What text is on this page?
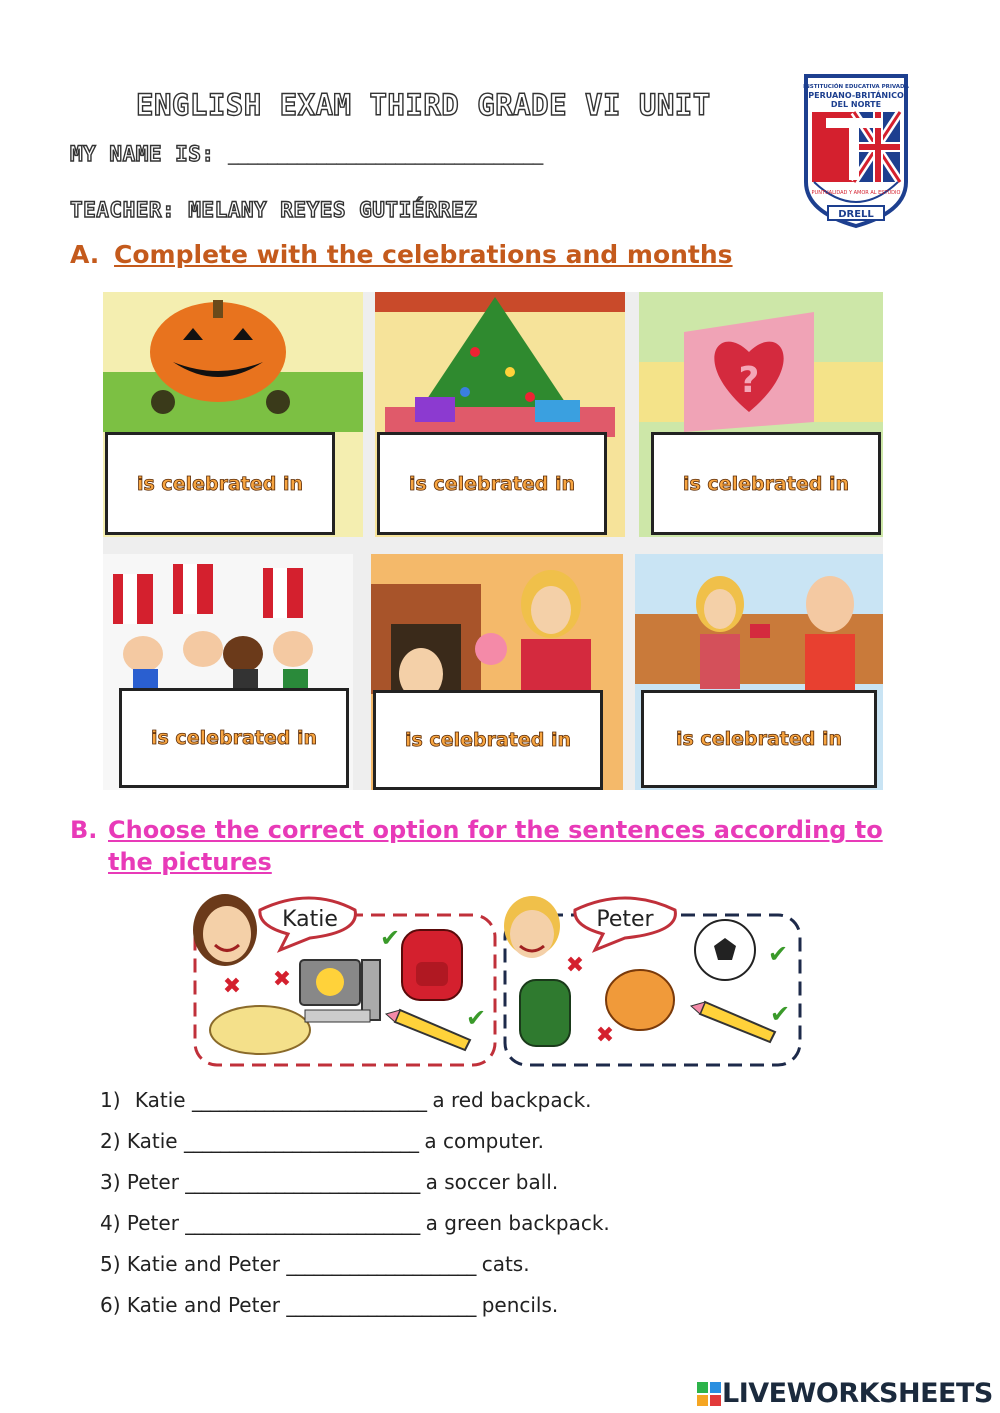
ENGLISH EXAM THIRD GRADE VI UNIT
MY NAME IS: ________________________________
TEACHER: MELANY REYES GUTIÉRREZ
INSTITUCIÓN EDUCATIVA PRIVADA
PERUANO-BRITÁNICO
DEL NORTE
PUNTUALIDAD Y AMOR AL ESTUDIO
DRELL
A. Complete with the celebrations and months
is celebrated in	is celebrated in
?
is celebrated in
is celebrated in	is celebrated in	is celebrated in
B. Choose the correct option for the sentences according to the pictures
Katie
✖ ✖
✔
✔
Peter
✖
✖
✔
✔
1) Katie __________________________ a red backpack.
2) Katie __________________________ a computer.
3) Peter __________________________ a soccer ball.
4) Peter __________________________ a green backpack.
5) Katie and Peter _____________________ cats.
6) Katie and Peter _____________________ pencils.
LIVEWORKSHEETS
